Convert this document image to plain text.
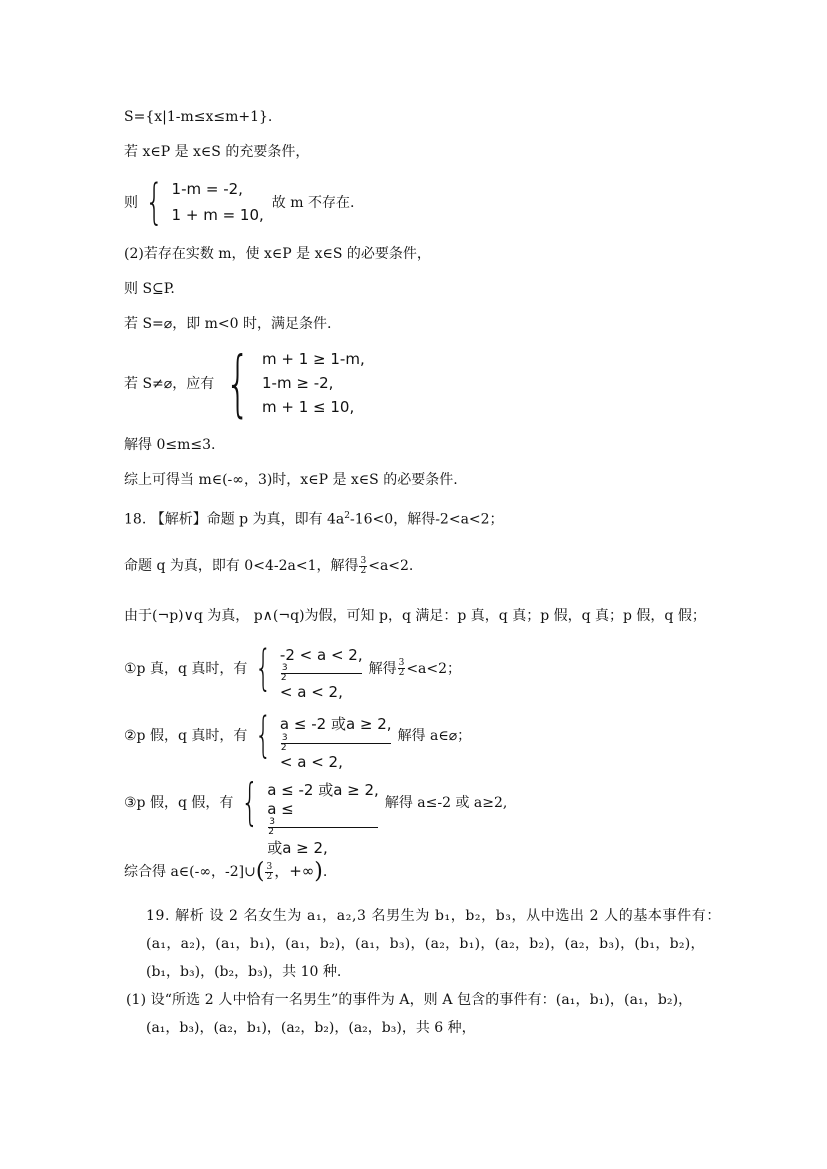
S={x|1-m≤x≤m+1}.
若 x∈P 是 x∈S 的充要条件，
则 { 1-m = -2,
1 + m = 10,
故 m 不存在.
(2)若存在实数 m，使 x∈P 是 x∈S 的必要条件，
则 S⊆P.
若 S=⌀，即 m<0 时，满足条件.
若 S≠⌀，应有 { m + 1 ≥ 1-m,
1-m ≥ -2,
m + 1 ≤ 10,
解得 0≤m≤3.
综上可得当 m∈(-∞，3)时，x∈P 是 x∈S 的必要条件.
18. 【解析】命题 p 为真，即有 $4a^2-16<0$，解得-2<a<2；
命题 q 为真，即有 0<4-2a<1，解得 $\frac{3}{2} <a<2$.
由于(¬p)∨q 为真， p∧(¬q)为假，可知 p，q 满足：p 真，q 真；p 假，q 真；p 假，q 假；
①p 真，q 真时，有 { -2 < a < 2,
3
2
< a < 2,
解得 $\frac{3}{2} <a<2$；
②p 假，q 真时，有 { a ≤ -2 或a ≥ 2,
3
2
< a < 2,
解得 a∈⌀；
③p 假，q 假，有 { a ≤ -2 或a ≥ 2,
a ≤
3
2
或a ≥ 2,
解得 a≤-2 或 a≥2,
综合得 a∈(-∞，-2]∪( $\frac{3}{2}$ ，+∞).
19. 解析 设 2 名女生为 a₁，a₂,3 名男生为 b₁，b₂，b₃，从中选出 2 人的基本事件有：
(a₁，a₂)，(a₁，b₁)，(a₁，b₂)，(a₁，b₃)，(a₂，b₁)，(a₂，b₂)，(a₂，b₃)，(b₁，b₂)，
(b₁，b₃)，(b₂，b₃)，共 10 种.
(1) 设“所选 2 人中恰有一名男生”的事件为 A，则 A 包含的事件有：(a₁，b₁)，(a₁，b₂)，
(a₁，b₃)，(a₂，b₁)，(a₂，b₂)，(a₂，b₃)，共 6 种，
